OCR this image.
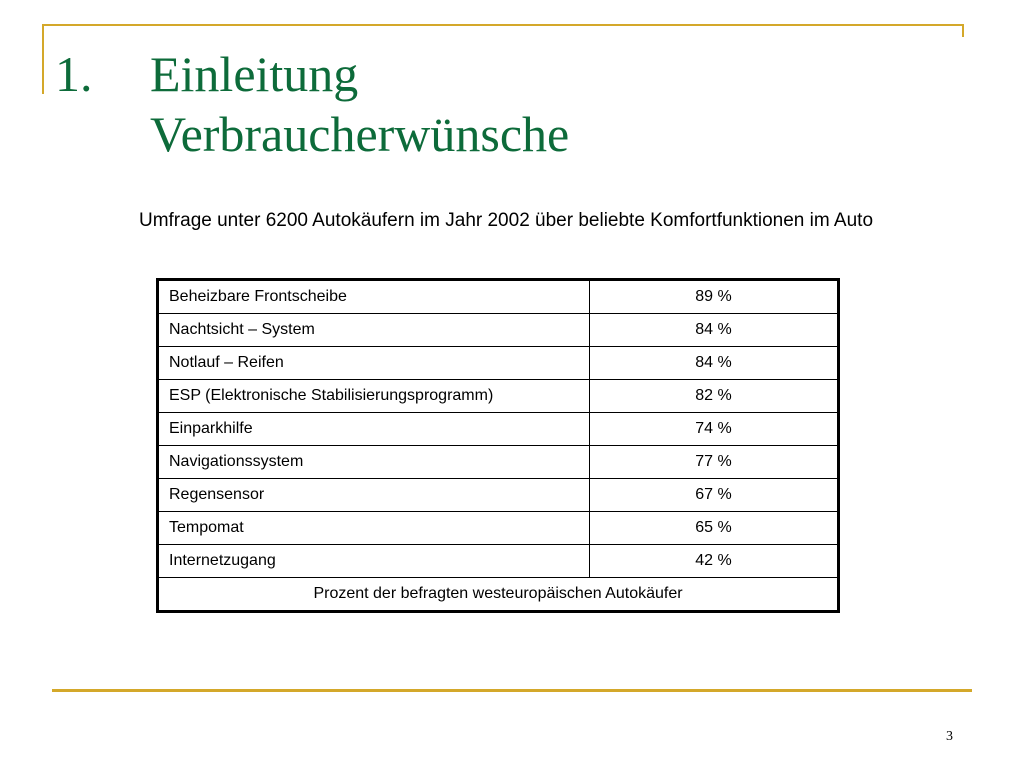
1. Einleitung
Verbraucherwünsche
Umfrage unter 6200 Autokäufern im Jahr 2002 über beliebte Komfortfunktionen im Auto
Beheizbare Frontscheibe	89 %
Nachtsicht – System	84 %
Notlauf – Reifen	84 %
ESP (Elektronische Stabilisierungsprogramm)	82 %
Einparkhilfe	74 %
Navigationssystem	77 %
Regensensor	67 %
Tempomat	65 %
Internetzugang	42 %
Prozent der befragten westeuropäischen Autokäufer	
3
